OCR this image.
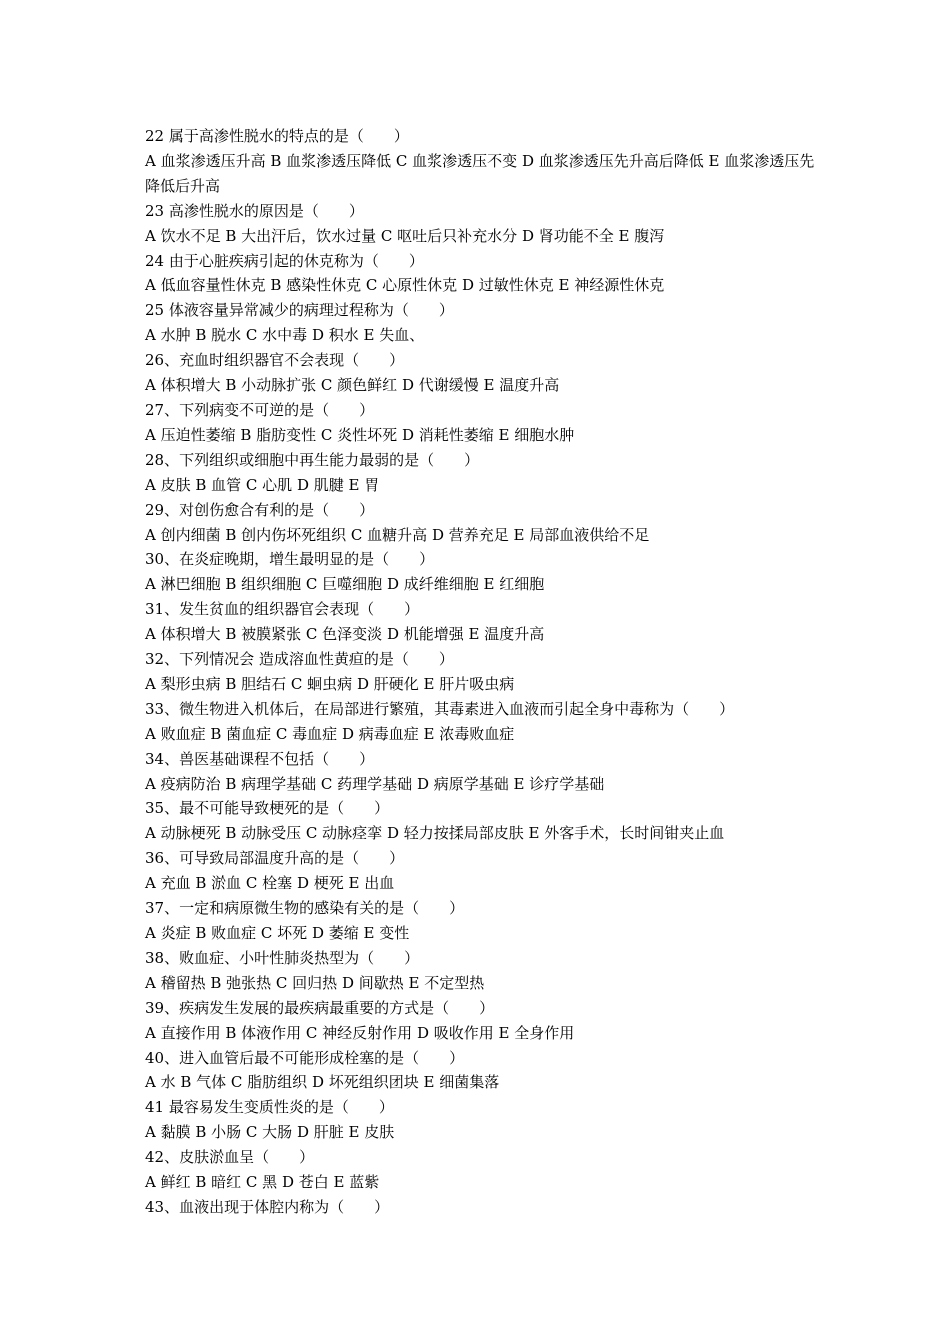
22 属于高渗性脱水的特点的是（　　）

A 血浆渗透压升高 B 血浆渗透压降低 C 血浆渗透压不变 D 血浆渗透压先升高后降低 E 血浆渗透压先降低后升高

23 高渗性脱水的原因是（　　）

A 饮水不足 B 大出汗后，饮水过量 C 呕吐后只补充水分 D 肾功能不全 E 腹泻

24 由于心脏疾病引起的休克称为（　　）

A 低血容量性休克 B 感染性休克 C 心原性休克 D 过敏性休克 E 神经源性休克

25 体液容量异常减少的病理过程称为（　　）

A 水肿 B 脱水 C 水中毒 D 积水 E 失血、

26、充血时组织器官不会表现（　　）

A 体积增大 B 小动脉扩张 C 颜色鲜红 D 代谢缓慢 E 温度升高

27、下列病变不可逆的是（　　）

A 压迫性萎缩 B 脂肪变性 C 炎性坏死 D 消耗性萎缩 E 细胞水肿

28、下列组织或细胞中再生能力最弱的是（　　）

A 皮肤 B 血管 C 心肌 D 肌腱 E 胃

29、对创伤愈合有利的是（　　）

A 创内细菌 B 创内伤坏死组织 C 血糖升高 D 营养充足 E 局部血液供给不足

30、在炎症晚期，增生最明显的是（　　）

A 淋巴细胞 B 组织细胞 C 巨噬细胞 D 成纤维细胞 E 红细胞

31、发生贫血的组织器官会表现（　　）

A 体积增大 B 被膜紧张 C 色泽变淡 D 机能增强 E 温度升高

32、下列情况会 造成溶血性黄疸的是（　　）

A 梨形虫病 B 胆结石 C 蛔虫病 D 肝硬化 E 肝片吸虫病

33、微生物进入机体后，在局部进行繁殖，其毒素进入血液而引起全身中毒称为（　　）

A 败血症 B 菌血症 C 毒血症 D 病毒血症 E 浓毒败血症

34、兽医基础课程不包括（　　）

A 疫病防治 B 病理学基础 C 药理学基础 D 病原学基础 E 诊疗学基础

35、最不可能导致梗死的是（　　）

A 动脉梗死 B 动脉受压 C 动脉痉挛 D 轻力按揉局部皮肤 E 外客手术，长时间钳夹止血

36、可导致局部温度升高的是（　　）

A 充血 B 淤血 C 栓塞 D 梗死 E 出血

37、一定和病原微生物的感染有关的是（　　）

A 炎症 B 败血症 C 坏死 D 萎缩 E 变性

38、败血症、小叶性肺炎热型为（　　）

A 稽留热 B 弛张热 C 回归热 D 间歇热 E 不定型热

39、疾病发生发展的最疾病最重要的方式是（　　）

A 直接作用 B 体液作用 C 神经反射作用 D 吸收作用 E 全身作用

40、进入血管后最不可能形成栓塞的是（　　）

A 水 B 气体 C 脂肪组织 D 坏死组织团块 E 细菌集落

41 最容易发生变质性炎的是（　　）

A 黏膜 B 小肠 C 大肠 D 肝脏 E 皮肤

42、皮肤淤血呈（　　）

A 鲜红 B 暗红 C 黑 D 苍白 E 蓝紫

43、血液出现于体腔内称为（　　）
